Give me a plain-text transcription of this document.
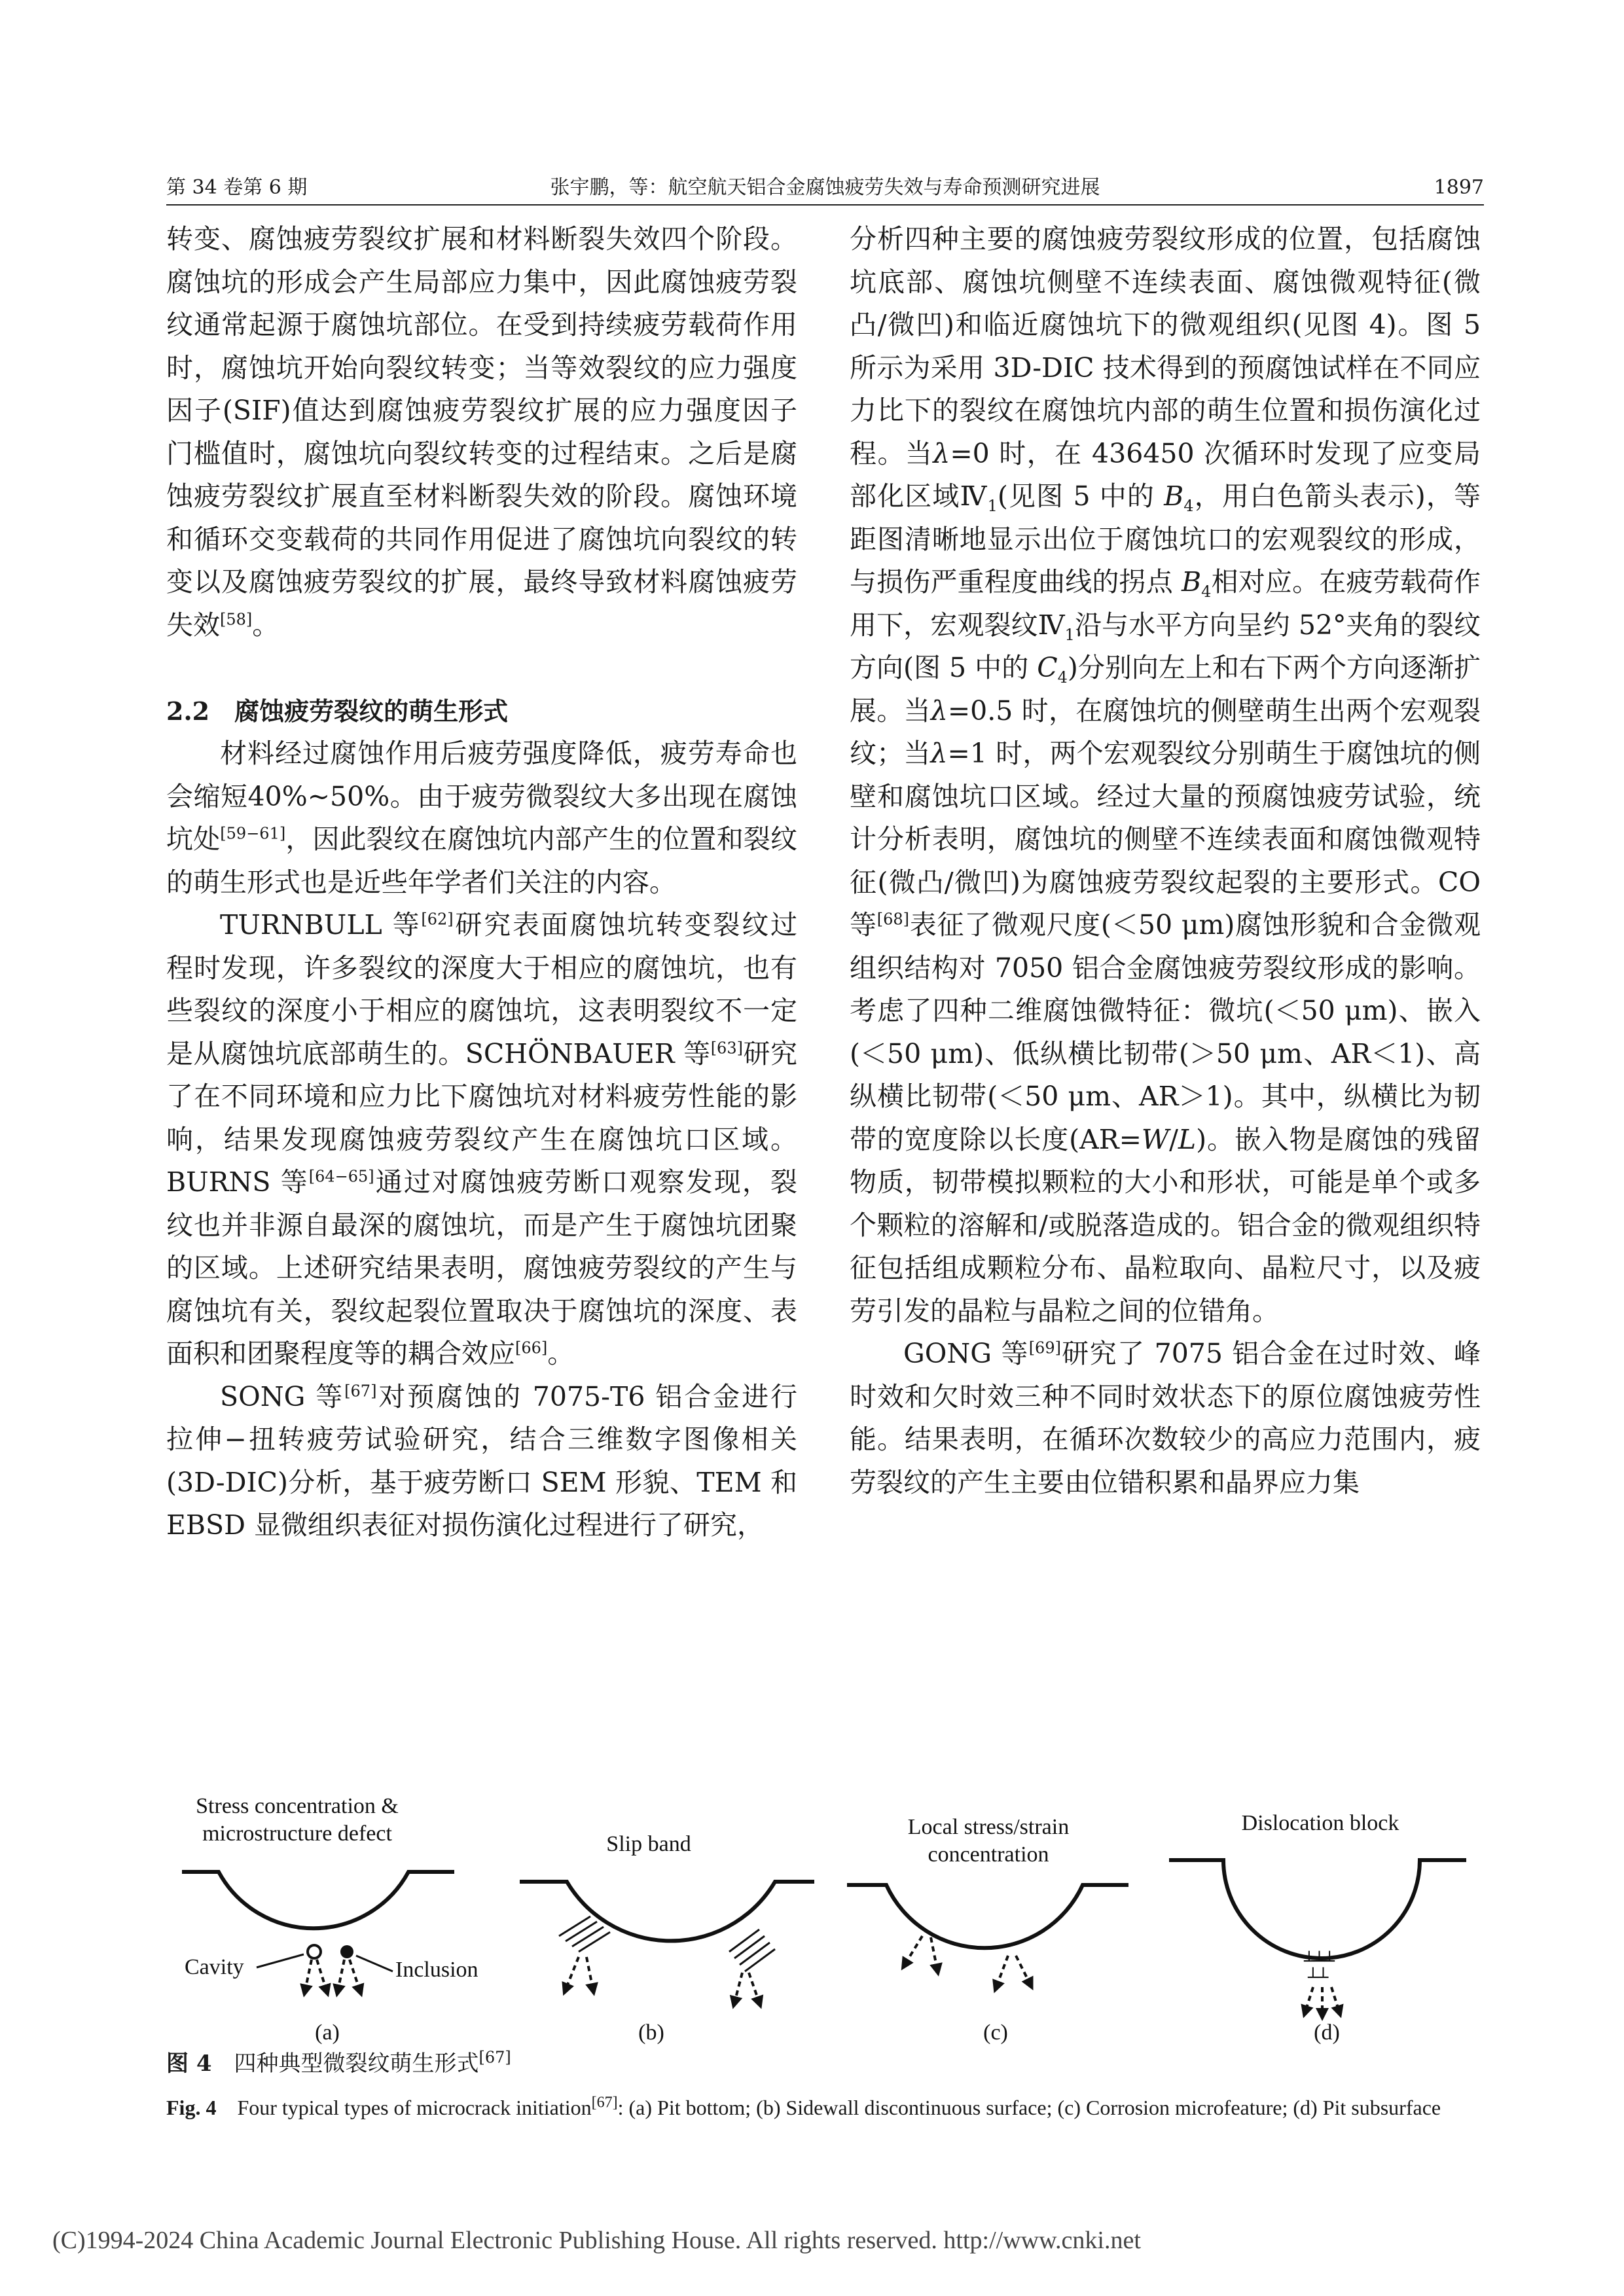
第 34 卷第 6 期	张宇鹏，等：航空航天铝合金腐蚀疲劳失效与寿命预测研究进展	1897

转变、腐蚀疲劳裂纹扩展和材料断裂失效四个阶段。腐蚀坑的形成会产生局部应力集中，因此腐蚀疲劳裂纹通常起源于腐蚀坑部位。在受到持续疲劳载荷作用时，腐蚀坑开始向裂纹转变；当等效裂纹的应力强度因子(SIF)值达到腐蚀疲劳裂纹扩展的应力强度因子门槛值时，腐蚀坑向裂纹转变的过程结束。之后是腐蚀疲劳裂纹扩展直至材料断裂失效的阶段。腐蚀环境和循环交变载荷的共同作用促进了腐蚀坑向裂纹的转变以及腐蚀疲劳裂纹的扩展，最终导致材料腐蚀疲劳失效[58]。

2.2　腐蚀疲劳裂纹的萌生形式

材料经过腐蚀作用后疲劳强度降低，疲劳寿命也会缩短40%~50%。由于疲劳微裂纹大多出现在腐蚀坑处[59−61]，因此裂纹在腐蚀坑内部产生的位置和裂纹的萌生形式也是近些年学者们关注的内容。

TURNBULL 等[62]研究表面腐蚀坑转变裂纹过程时发现，许多裂纹的深度大于相应的腐蚀坑，也有些裂纹的深度小于相应的腐蚀坑，这表明裂纹不一定是从腐蚀坑底部萌生的。SCHÖNBAUER 等[63]研究了在不同环境和应力比下腐蚀坑对材料疲劳性能的影响，结果发现腐蚀疲劳裂纹产生在腐蚀坑口区域。BURNS 等[64−65]通过对腐蚀疲劳断口观察发现，裂纹也并非源自最深的腐蚀坑，而是产生于腐蚀坑团聚的区域。上述研究结果表明，腐蚀疲劳裂纹的产生与腐蚀坑有关，裂纹起裂位置取决于腐蚀坑的深度、表面积和团聚程度等的耦合效应[66]。

SONG 等[67]对预腐蚀的 7075-T6 铝合金进行拉伸−扭转疲劳试验研究，结合三维数字图像相关(3D-DIC)分析，基于疲劳断口 SEM 形貌、TEM 和 EBSD 显微组织表征对损伤演化过程进行了研究，

分析四种主要的腐蚀疲劳裂纹形成的位置，包括腐蚀坑底部、腐蚀坑侧壁不连续表面、腐蚀微观特征(微凸/微凹)和临近腐蚀坑下的微观组织(见图 4)。图 5 所示为采用 3D-DIC 技术得到的预腐蚀试样在不同应力比下的裂纹在腐蚀坑内部的萌生位置和损伤演化过程。当λ=0 时，在 436450 次循环时发现了应变局部化区域$Ⅳ_1$(见图 5 中的 $B_4$，用白色箭头表示)，等距图清晰地显示出位于腐蚀坑口的宏观裂纹的形成，与损伤严重程度曲线的拐点 $B_4$相对应。在疲劳载荷作用下，宏观裂纹$Ⅳ_1$沿与水平方向呈约 52°夹角的裂纹方向(图 5 中的 $C_4$)分别向左上和右下两个方向逐渐扩展。当λ=0.5 时，在腐蚀坑的侧壁萌生出两个宏观裂纹；当λ=1 时，两个宏观裂纹分别萌生于腐蚀坑的侧壁和腐蚀坑口区域。经过大量的预腐蚀疲劳试验，统计分析表明，腐蚀坑的侧壁不连续表面和腐蚀微观特征(微凸/微凹)为腐蚀疲劳裂纹起裂的主要形式。CO 等[68]表征了微观尺度(＜50 μm)腐蚀形貌和合金微观组织结构对 7050 铝合金腐蚀疲劳裂纹形成的影响。考虑了四种二维腐蚀微特征：微坑(＜50 μm)、嵌入(＜50 μm)、低纵横比韧带(＞50 μm、AR＜1)、高纵横比韧带(＜50 μm、AR＞1)。其中，纵横比为韧带的宽度除以长度(AR=W/L)。嵌入物是腐蚀的残留物质，韧带模拟颗粒的大小和形状，可能是单个或多个颗粒的溶解和/或脱落造成的。铝合金的微观组织特征包括组成颗粒分布、晶粒取向、晶粒尺寸，以及疲劳引发的晶粒与晶粒之间的位错角。

GONG 等[69]研究了 7075 铝合金在过时效、峰时效和欠时效三种不同时效状态下的原位腐蚀疲劳性能。结果表明，在循环次数较少的高应力范围内，疲劳裂纹的产生主要由位错积累和晶界应力集

Stress concentration &
microstructure defect
Cavity	Inclusion
(a)
Slip band
(b)
Local stress/strain
concentration
(c)
Dislocation block
┴┴┴
┴┴
(d)

图 4　四种典型微裂纹萌生形式[67]

Fig. 4　Four typical types of microcrack initiation[67]: (a) Pit bottom; (b) Sidewall discontinuous surface; (c) Corrosion microfeature; (d) Pit subsurface

(C)1994-2024 China Academic Journal Electronic Publishing House. All rights reserved. http://www.cnki.net
